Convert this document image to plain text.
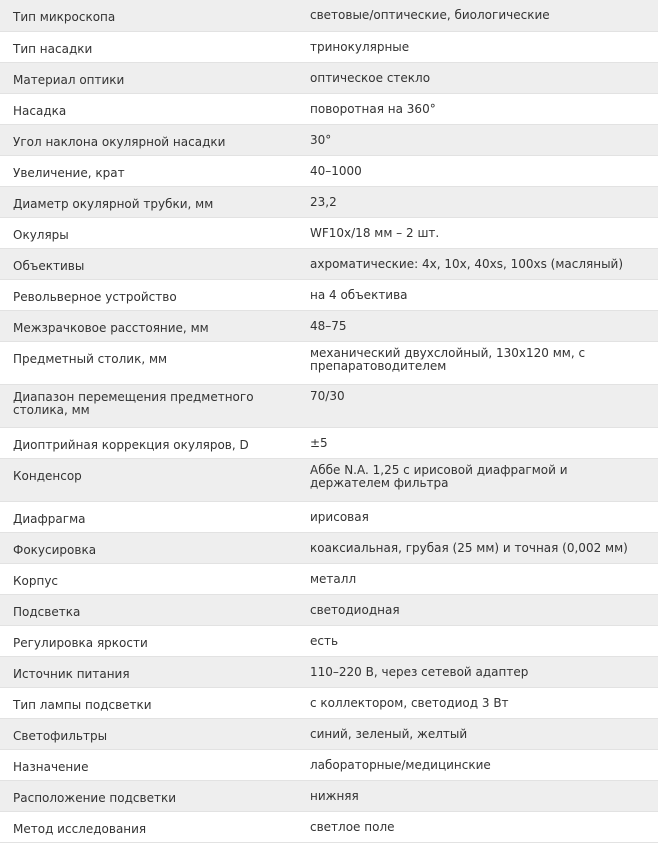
Тип микроскопа	световые/оптические, биологические
Тип насадки	тринокулярные
Материал оптики	оптическое стекло
Насадка	поворотная на 360°
Угол наклона окулярной насадки	30°
Увеличение, крат	40–1000
Диаметр окулярной трубки, мм	23,2
Окуляры	WF10x/18 мм – 2 шт.
Объективы	ахроматические: 4x, 10x, 40xs, 100xs (масляный)
Револьверное устройство	на 4 объектива
Межзрачковое расстояние, мм	48–75
Предметный столик, мм	механический двухслойный, 130x120 мм, с препаратоводителем
Диапазон перемещения предметного столика, мм	70/30
Диоптрийная коррекция окуляров, D	±5
Конденсор	Аббе N.A. 1,25 с ирисовой диафрагмой и держателем фильтра
Диафрагма	ирисовая
Фокусировка	коаксиальная, грубая (25 мм) и точная (0,002 мм)
Корпус	металл
Подсветка	светодиодная
Регулировка яркости	есть
Источник питания	110–220 В, через сетевой адаптер
Тип лампы подсветки	с коллектором, светодиод 3 Вт
Светофильтры	синий, зеленый, желтый
Назначение	лабораторные/медицинские
Расположение подсветки	нижняя
Метод исследования	светлое поле
